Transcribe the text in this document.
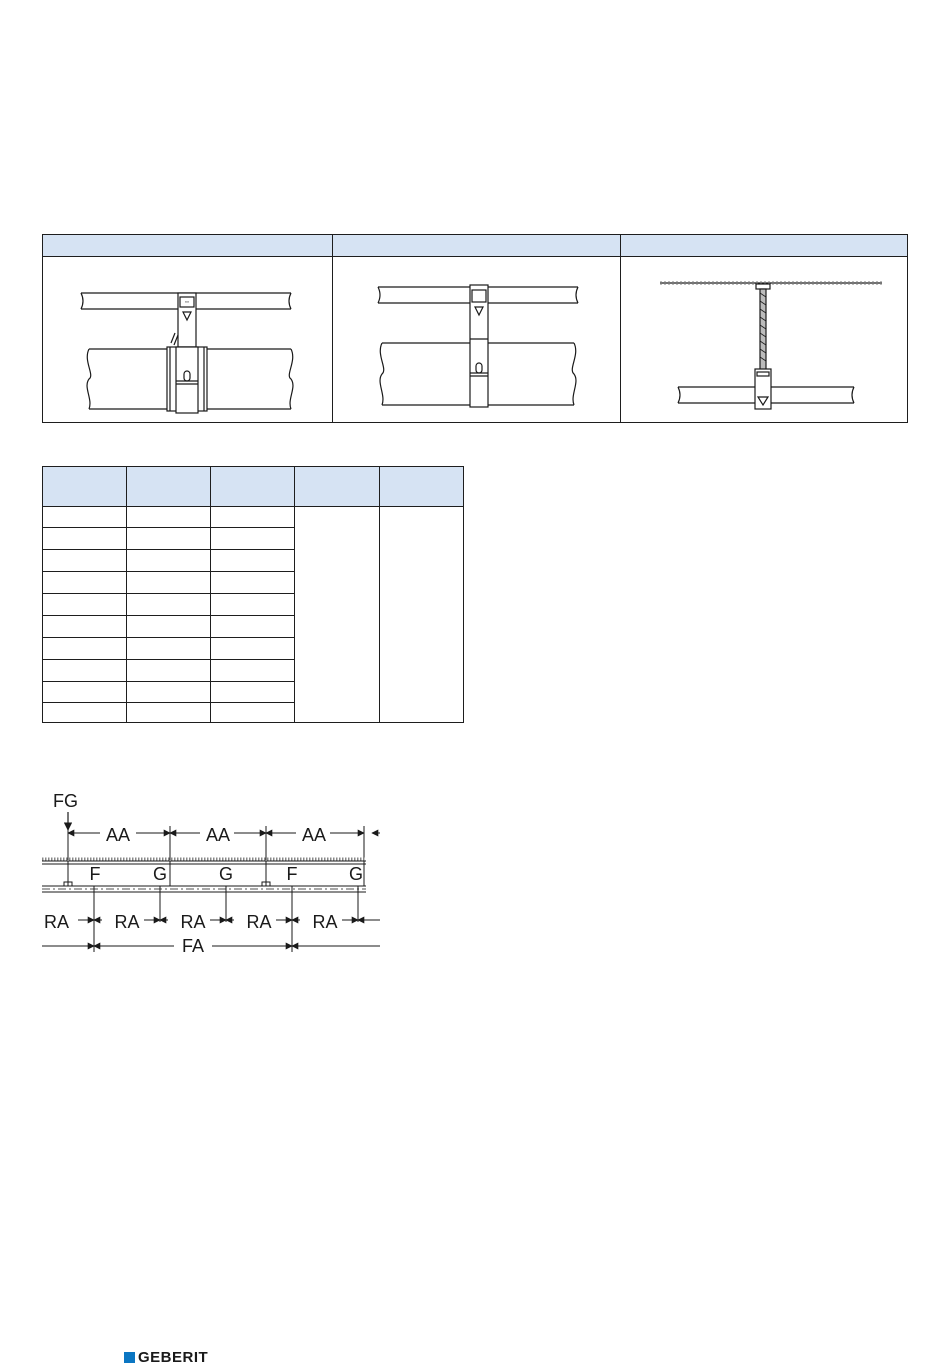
▪▪▪
FG
AA	AA	AA
F	G	G	F	G
RA	RA RA RA RA
FA
GEBERIT
